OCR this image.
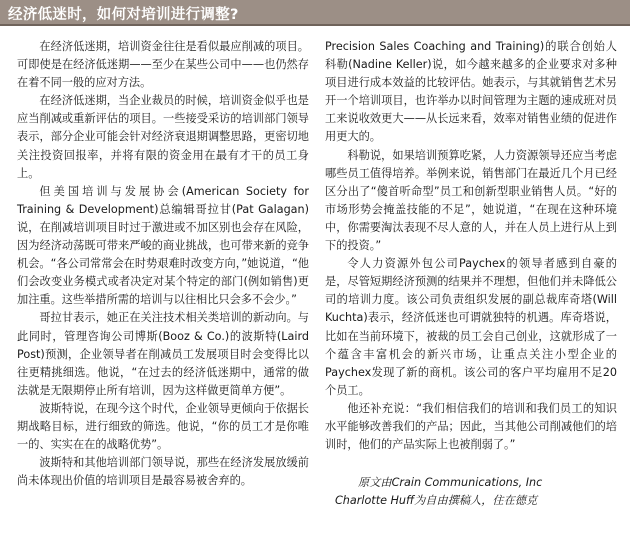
经济低迷时，如何对培训进行调整?

在经济低迷期，培训资金往往是看似最应削减的项目。可即使是在经济低迷期——至少在某些公司中——也仍然存在着不同一般的应对方法。

在经济低迷期，当企业裁员的时候，培训资金似乎也是应当削减或重新评估的项目。一些接受采访的培训部门领导表示，部分企业可能会针对经济衰退期调整思路，更密切地关注投资回报率，并将有限的资金用在最有才干的员工身上。

但美国培训与发展协会(American Society for Training & Development)总编辑哥拉甘(Pat Galagan)说，在削减培训项目时过于激进或不加区别也会存在风险，因为经济动荡既可带来严峻的商业挑战，也可带来新的竞争机会。“各公司常常会在时势艰难时改变方向，”她说道，“他们会改变业务模式或者决定对某个特定的部门(例如销售)更加注重。这些举措所需的培训与以往相比只会多不会少。”

哥拉甘表示，她正在关注技术相关类培训的新动向。与此同时，管理咨询公司博斯(Booz & Co.)的波斯特(Laird Post)预测，企业领导者在削减员工发展项目时会变得比以往更精挑细选。他说，“在过去的经济低迷期中，通常的做法就是无限期停止所有培训，因为这样做更简单方便”。

波斯特说，在现今这个时代，企业领导更倾向于依据长期战略目标，进行细致的筛选。他说，“你的员工才是你唯一的、实实在在的战略优势”。

波斯特和其他培训部门领导说，那些在经济发展放缓前尚未体现出价值的培训项目是最容易被舍弃的。

Precision Sales Coaching and Training)的联合创始人科勒(Nadine Keller)说，如今越来越多的企业要求对多种项目进行成本效益的比较评估。她表示，与其就销售艺术另开一个培训项目，也许举办以时间管理为主题的速成班对员工来说收效更大——从长远来看，效率对销售业绩的促进作用更大的。

科勒说，如果培训预算吃紧，人力资源领导还应当考虑哪些员工值得培养。举例来说，销售部门在最近几个月已经区分出了“傻首听命型”员工和创新型职业销售人员。“好的市场形势会掩盖技能的不足”，她说道，“在现在这种环境中，你需要淘汰表现不尽人意的人，并在人员上进行从上到下的投资。”

令人力资源外包公司Paychex的领导者感到自豪的是，尽管短期经济预测的结果并不理想，但他们并未降低公司的培训力度。该公司负责组织发展的副总裁库奇塔(Will Kuchta)表示，经济低迷也可谓就独特的机遇。库奇塔说，比如在当前环境下，被裁的员工会自己创业，这就形成了一个蕴含丰富机会的新兴市场，让重点关注小型企业的Paychex发现了新的商机。该公司的客户平均雇用不足20个员工。

他还补充说：“我们相信我们的培训和我们员工的知识水平能够改善我们的产品；因此，当其他公司削减他们的培训时，他们的产品实际上也被削弱了。”

原文由Crain Communications, Inc
Charlotte Huff为自由撰稿人，住在德克
